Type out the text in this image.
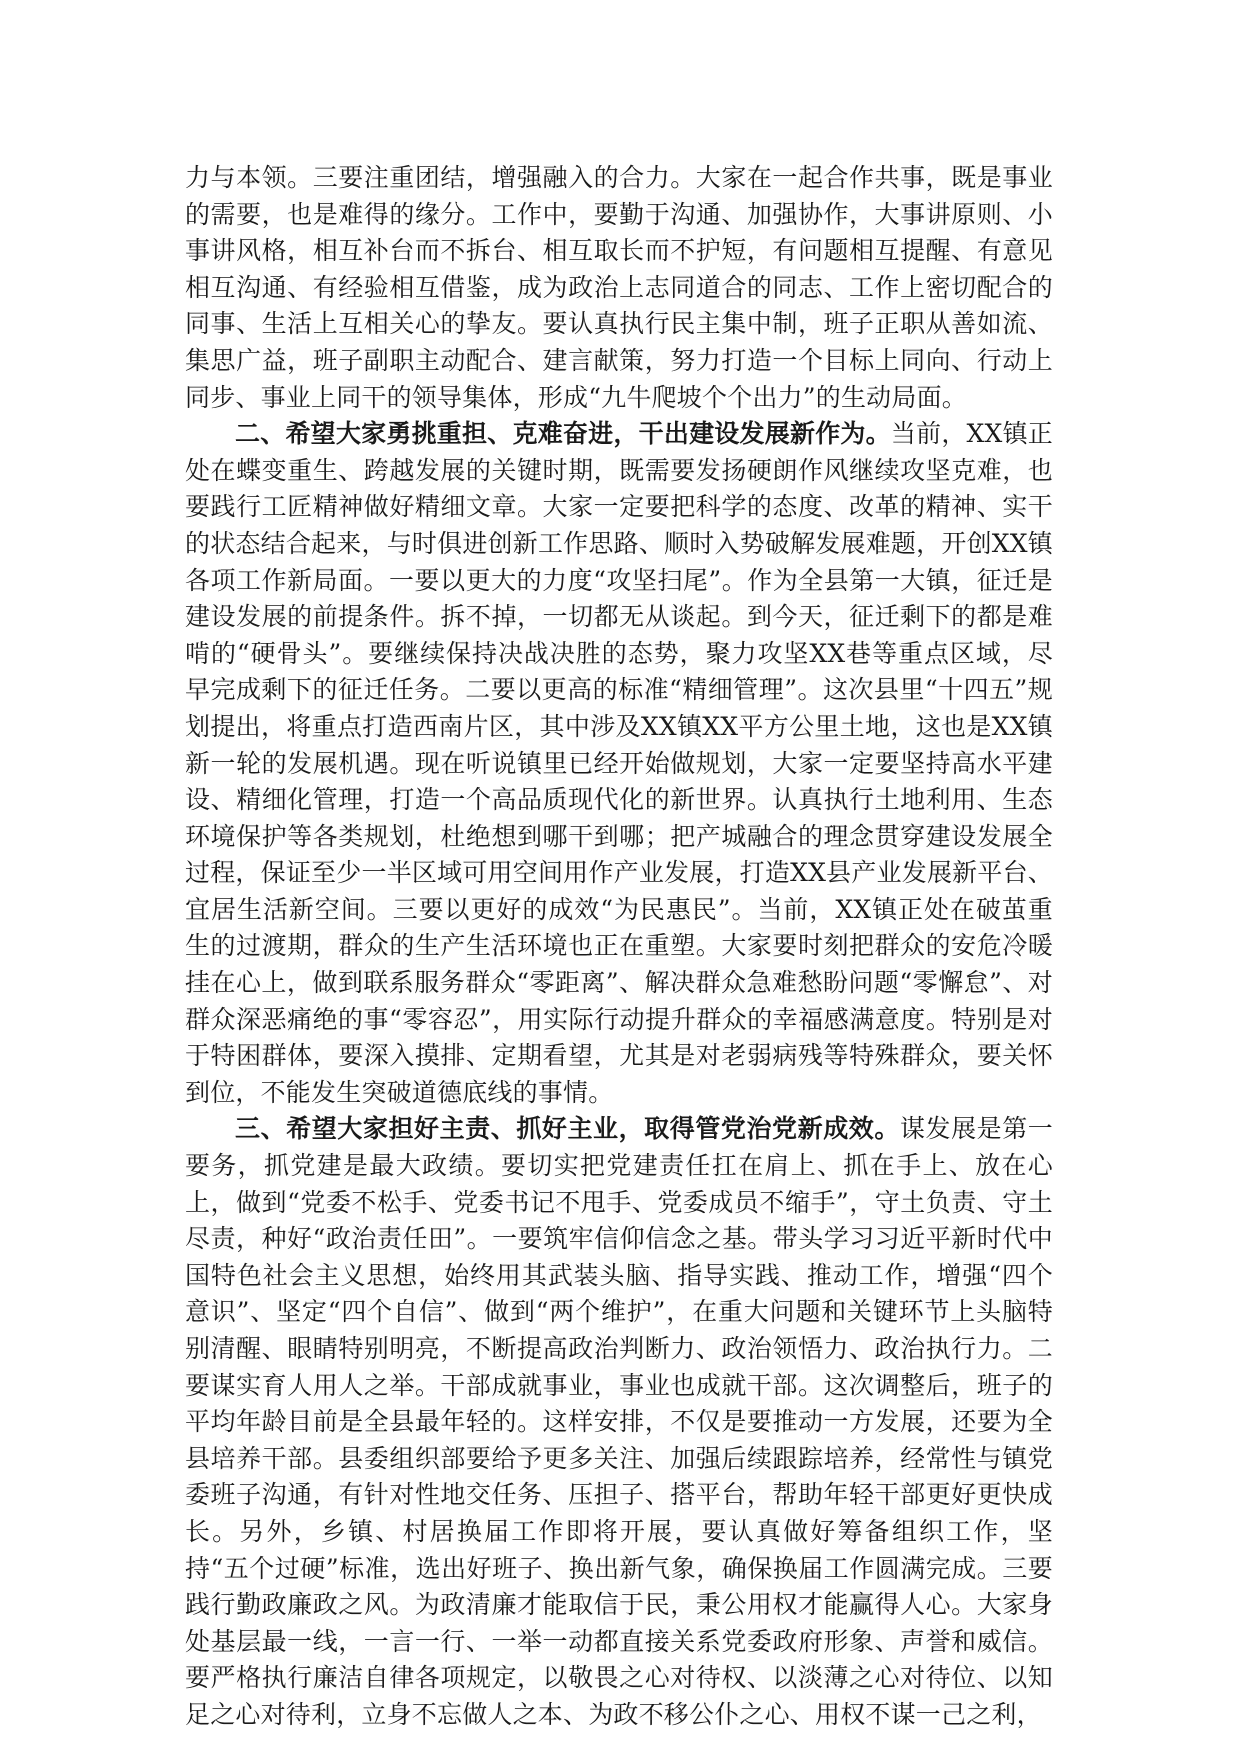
力与本领。三要注重团结，增强融入的合力。大家在一起合作共事，既是事业的需要，也是难得的缘分。工作中，要勤于沟通、加强协作，大事讲原则、小事讲风格，相互补台而不拆台、相互取长而不护短，有问题相互提醒、有意见相互沟通、有经验相互借鉴，成为政治上志同道合的同志、工作上密切配合的同事、生活上互相关心的挚友。要认真执行民主集中制，班子正职从善如流、集思广益，班子副职主动配合、建言献策，努力打造一个目标上同向、行动上同步、事业上同干的领导集体，形成“九牛爬坡个个出力”的生动局面。

二、希望大家勇挑重担、克难奋进，干出建设发展新作为。当前，XX镇正处在蝶变重生、跨越发展的关键时期，既需要发扬硬朗作风继续攻坚克难，也要践行工匠精神做好精细文章。大家一定要把科学的态度、改革的精神、实干的状态结合起来，与时俱进创新工作思路、顺时入势破解发展难题，开创XX镇各项工作新局面。一要以更大的力度“攻坚扫尾”。作为全县第一大镇，征迁是建设发展的前提条件。拆不掉，一切都无从谈起。到今天，征迁剩下的都是难啃的“硬骨头”。要继续保持决战决胜的态势，聚力攻坚XX巷等重点区域，尽早完成剩下的征迁任务。二要以更高的标准“精细管理”。这次县里“十四五”规划提出，将重点打造西南片区，其中涉及XX镇XX平方公里土地，这也是XX镇新一轮的发展机遇。现在听说镇里已经开始做规划，大家一定要坚持高水平建设、精细化管理，打造一个高品质现代化的新世界。认真执行土地利用、生态环境保护等各类规划，杜绝想到哪干到哪；把产城融合的理念贯穿建设发展全过程，保证至少一半区域可用空间用作产业发展，打造XX县产业发展新平台、宜居生活新空间。三要以更好的成效“为民惠民”。当前，XX镇正处在破茧重生的过渡期，群众的生产生活环境也正在重塑。大家要时刻把群众的安危冷暖挂在心上，做到联系服务群众“零距离”、解决群众急难愁盼问题“零懈怠”、对群众深恶痛绝的事“零容忍”，用实际行动提升群众的幸福感满意度。特别是对于特困群体，要深入摸排、定期看望，尤其是对老弱病残等特殊群众，要关怀到位，不能发生突破道德底线的事情。

三、希望大家担好主责、抓好主业，取得管党治党新成效。谋发展是第一要务，抓党建是最大政绩。要切实把党建责任扛在肩上、抓在手上、放在心上，做到“党委不松手、党委书记不甩手、党委成员不缩手”，守土负责、守土尽责，种好“政治责任田”。一要筑牢信仰信念之基。带头学习习近平新时代中国特色社会主义思想，始终用其武装头脑、指导实践、推动工作，增强“四个意识”、坚定“四个自信”、做到“两个维护”，在重大问题和关键环节上头脑特别清醒、眼睛特别明亮，不断提高政治判断力、政治领悟力、政治执行力。二要谋实育人用人之举。干部成就事业，事业也成就干部。这次调整后，班子的平均年龄目前是全县最年轻的。这样安排，不仅是要推动一方发展，还要为全县培养干部。县委组织部要给予更多关注、加强后续跟踪培养，经常性与镇党委班子沟通，有针对性地交任务、压担子、搭平台，帮助年轻干部更好更快成长。另外，乡镇、村居换届工作即将开展，要认真做好筹备组织工作，坚持“五个过硬”标准，选出好班子、换出新气象，确保换届工作圆满完成。三要践行勤政廉政之风。为政清廉才能取信于民，秉公用权才能赢得人心。大家身处基层最一线，一言一行、一举一动都直接关系党委政府形象、声誉和威信。要严格执行廉洁自律各项规定，以敬畏之心对待权、以淡薄之心对待位、以知足之心对待利，立身不忘做人之本、为政不移公仆之心、用权不谋一己之利，
